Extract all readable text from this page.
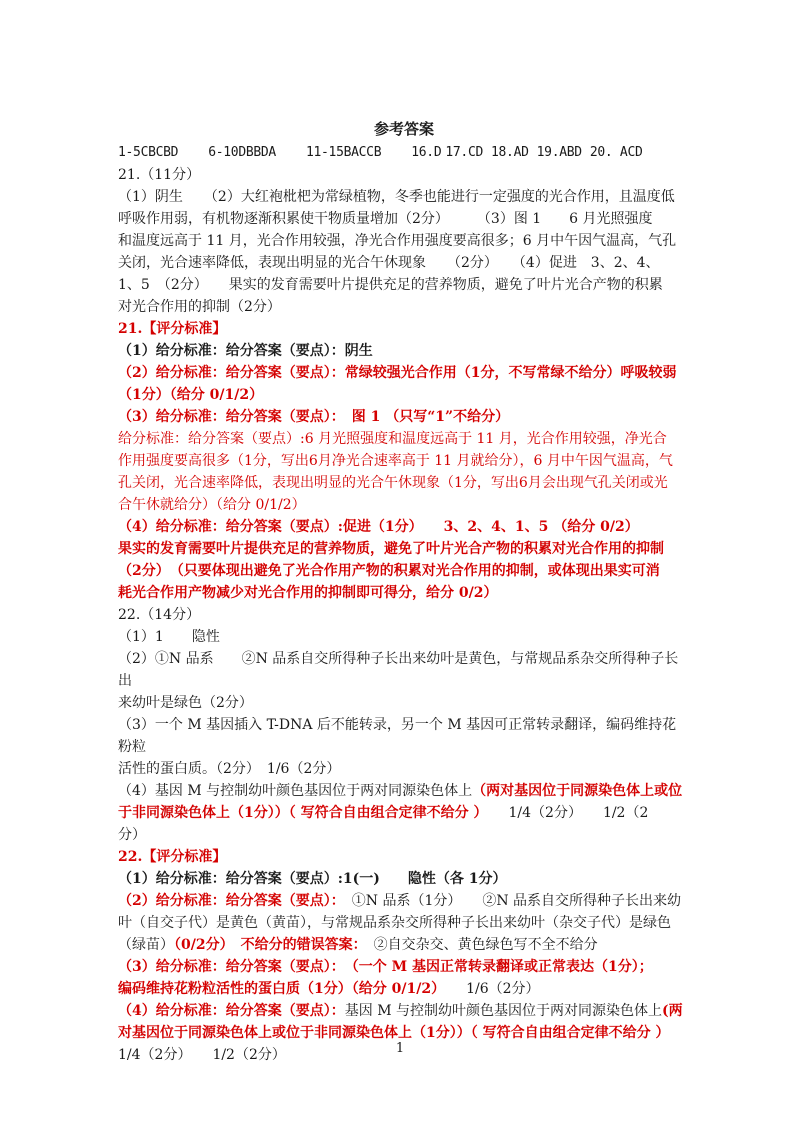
参考答案

1-5CBCBD 6-10DBBDA 11-15BACCB 16.D 17.CD 18.AD 19.ABD 20. ACD

21.（11分）

（1）阴生　　（2）大红袍枇杷为常绿植物，冬季也能进行一定强度的光合作用，且温度低

呼吸作用弱，有机物逐渐积累使干物质量增加（2分）　　　（3）图 1　　6 月光照强度

和温度远高于 11 月，光合作用较强，净光合作用强度要高很多；6 月中午因气温高，气孔

关闭，光合速率降低，表现出明显的光合午休现象　　（2分）　　（4）促进　3、2、4、

1、5　（2分）　　果实的发育需要叶片提供充足的营养物质，避免了叶片光合产物的积累

对光合作用的抑制（2分）

21.【评分标准】

（1）给分标准：给分答案（要点）：阴生

（2）给分标准：给分答案（要点）：常绿较强光合作用（1分，不写常绿不给分）呼吸较弱

（1分）（给分 0/1/2）

（3）给分标准：给分答案（要点）：　图 1 （只写“1”不给分）

给分标准：给分答案（要点）:6 月光照强度和温度远高于 11 月，光合作用较强，净光合

作用强度要高很多（1分，写出6月净光合速率高于 11 月就给分），6 月中午因气温高，气

孔关闭，光合速率降低，表现出明显的光合午休现象（1分，写出6月会出现气孔关闭或光

合午休就给分）（给分 0/1/2）

（4）给分标准：给分答案（要点）:促进（1分）　　3、2、4、1、5 （给分 0/2）

果实的发育需要叶片提供充足的营养物质，避免了叶片光合产物的积累对光合作用的抑制

（2分）　（只要体现出避免了光合作用产物的积累对光合作用的抑制，或体现出果实可消

耗光合作用产物减少对光合作用的抑制即可得分，给分 0/2）

22.（14分）

（1）1　　隐性

（2）①N 品系　　②N 品系自交所得种子长出来幼叶是黄色，与常规品系杂交所得种子长出

来幼叶是绿色（2分）

（3）一个 M 基因插入 T-DNA 后不能转录，另一个 M 基因可正常转录翻译，编码维持花粉粒

活性的蛋白质。（2分）　1/6（2分）

（4）基因 M 与控制幼叶颜色基因位于两对同源染色体上（两对基因位于同源染色体上或位

于非同源染色体上（1分））（ 写符合自由组合定律不给分 ）　　1/4（2分）　　1/2（2

分）

22.【评分标准】

（1）给分标准：给分答案（要点）:1(一)　　隐性（各 1分）

（2）给分标准：给分答案（要点）：　①N 品系（1分）　　②N 品系自交所得种子长出来幼

叶（自交子代）是黄色（黄苗），与常规品系杂交所得种子长出来幼叶（杂交子代）是绿色

（绿苗）（0/2分）　不给分的错误答案：　②自交杂交、黄色绿色写不全不给分

（3）给分标准：给分答案（要点）：　（一个 M 基因正常转录翻译或正常表达（1分）；

编码维持花粉粒活性的蛋白质（1分）（给分 0/1/2）　　1/6（2分）

（4）给分标准：给分答案（要点）：基因 M 与控制幼叶颜色基因位于两对同源染色体上(两

对基因位于同源染色体上或位于非同源染色体上（1分））（ 写符合自由组合定律不给分 ）

1/4（2分）　　1/2（2分）	1
